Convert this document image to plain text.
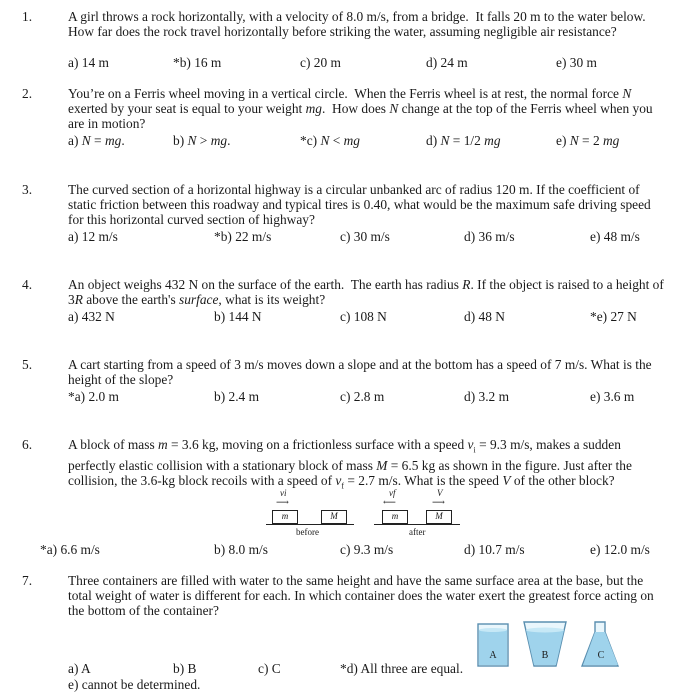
1.	A girl throws a rock horizontally, with a velocity of 8.0 m/s, from a bridge.  It falls 20 m to the water below.  How far does the rock travel horizontally before striking the water, assuming negligible air resistance?
a) 14 m	*b) 16 m	c) 20 m	d) 24 m	e) 30 m
2.	You’re on a Ferris wheel moving in a vertical circle.  When the Ferris wheel is at rest, the normal force N exerted by your seat is equal to your weight mg.  How does N change at the top of the Ferris wheel when you are in motion?
a) N = mg.	b) N > mg.	*c) N < mg	d) N = 1/2 mg	e) N = 2 mg
3.	The curved section of a horizontal highway is a circular unbanked arc of radius 120 m. If the coefficient of static friction between this roadway and typical tires is 0.40, what would be the maximum safe driving speed for this horizontal curved section of highway?
a) 12 m/s	*b) 22 m/s	c) 30 m/s	d) 36 m/s	e) 48 m/s
4.	An object weighs 432 N on the surface of the earth.  The earth has radius R. If the object is raised to a height of 3R above the earth's surface, what is its weight?
a) 432 N	b) 144 N	c) 108 N	d) 48 N	*e) 27 N
5.	A cart starting from a speed of 3 m/s moves down a slope and at the bottom has a speed of 7 m/s. What is the height of the slope?
*a) 2.0 m	b) 2.4 m	c) 2.8 m	d) 3.2 m	e) 3.6 m
6.	A block of mass m = 3.6 kg, moving on a frictionless surface with a speed $v_i = 9.3$ m/s, makes a sudden perfectly elastic collision with a stationary block of mass M = 6.5 kg as shown in the figure. Just after the collision, the 3.6-kg block recoils with a speed of $v_f = 2.7$ m/s. What is the speed V of the other block?
vi
⟶
m	M
before
vf
⟵
V
⟶
m	M
after
*a) 6.6 m/s	b) 8.0 m/s	c) 9.3 m/s	d) 10.7 m/s	e) 12.0 m/s
7.	Three containers are filled with water to the same height and have the same surface area at the base, but the total weight of water is different for each. In which container does the water exert the greatest force acting on the bottom of the container?
A	B	C
a) A	b) B	c) C	*d) All three are equal.
e) cannot be determined.
